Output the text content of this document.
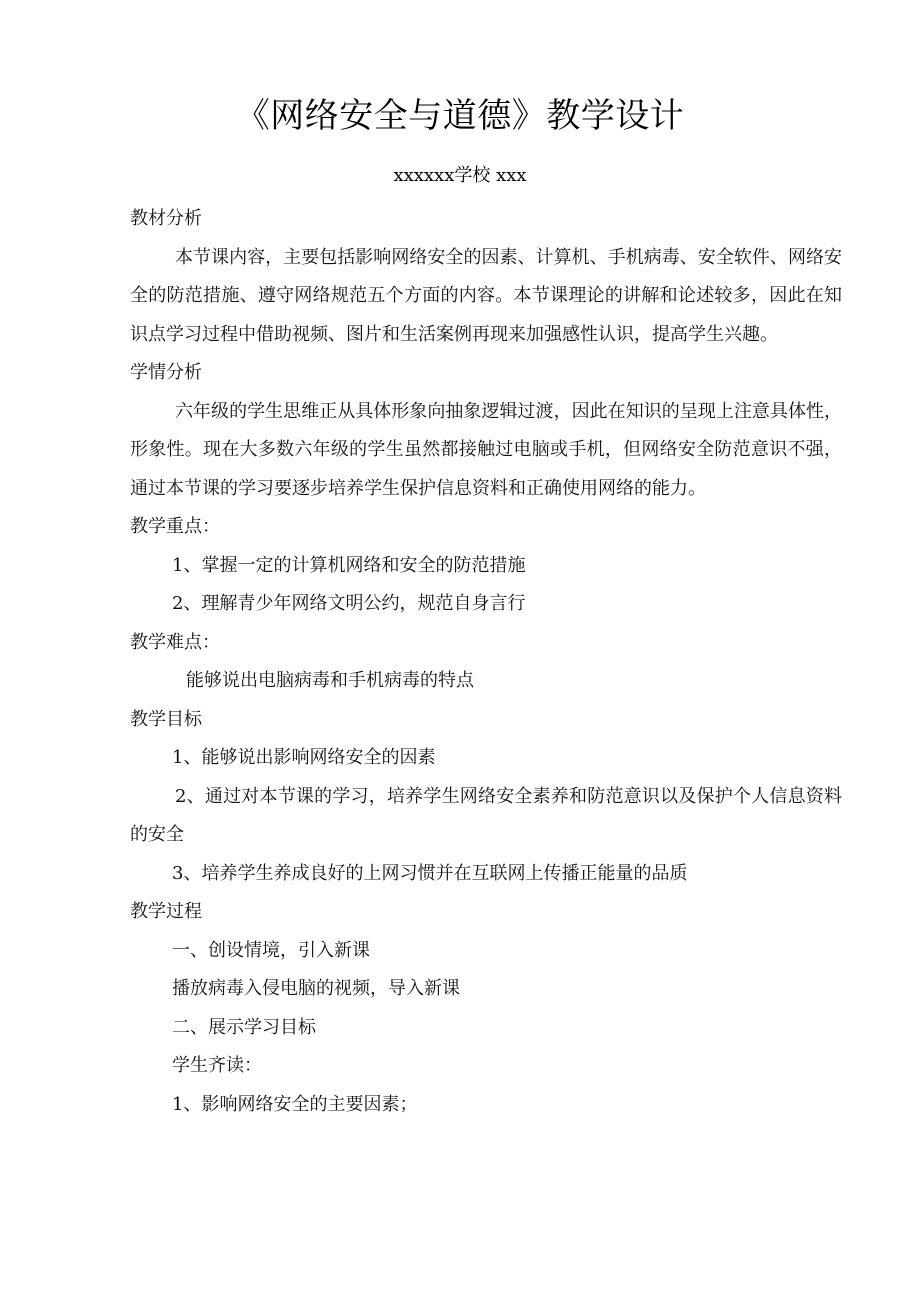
《网络安全与道德》教学设计
xxxxxx学校 xxx

教材分析

本节课内容，主要包括影响网络安全的因素、计算机、手机病毒、安全软件、网络安全的防范措施、遵守网络规范五个方面的内容。本节课理论的讲解和论述较多，因此在知识点学习过程中借助视频、图片和生活案例再现来加强感性认识，提高学生兴趣。

学情分析

六年级的学生思维正从具体形象向抽象逻辑过渡，因此在知识的呈现上注意具体性，形象性。现在大多数六年级的学生虽然都接触过电脑或手机，但网络安全防范意识不强，通过本节课的学习要逐步培养学生保护信息资料和正确使用网络的能力。

教学重点：

1、掌握一定的计算机网络和安全的防范措施

2、理解青少年网络文明公约，规范自身言行

教学难点：

能够说出电脑病毒和手机病毒的特点

教学目标

1、能够说出影响网络安全的因素

2、通过对本节课的学习，培养学生网络安全素养和防范意识以及保护个人信息资料的安全

3、培养学生养成良好的上网习惯并在互联网上传播正能量的品质

教学过程

一、创设情境，引入新课

播放病毒入侵电脑的视频，导入新课

二、展示学习目标

学生齐读：

1、影响网络安全的主要因素；
